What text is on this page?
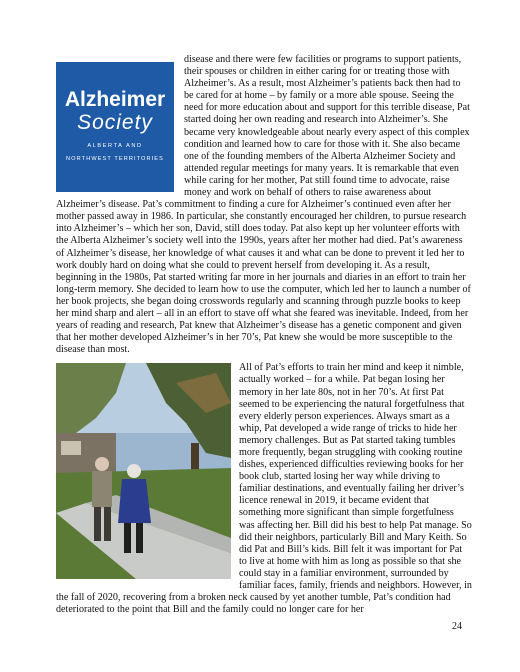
Alzheimer
Society
ALBERTA AND
NORTHWEST TERRITORIES

disease and there were few facilities or programs to support patients, their spouses or children in either caring for or treating those with Alzheimer’s. As a result, most Alzheimer’s patients back then had to be cared for at home – by family or a more able spouse. Seeing the need for more education about and support for this terrible disease, Pat started doing her own reading and research into Alzheimer’s. She became very knowledgeable about nearly every aspect of this complex condition and learned how to care for those with it. She also became one of the founding members of the Alberta Alzheimer Society and attended regular meetings for many years. It is remarkable that even while caring for her mother, Pat still found time to advocate, raise money and work on behalf of others to raise awareness about Alzheimer’s disease. Pat’s commitment to finding a cure for Alzheimer’s continued even after her mother passed away in 1986. In particular, she constantly encouraged her children, to pursue research into Alzheimer’s – which her son, David, still does today. Pat also kept up her volunteer efforts with the Alberta Alzheimer’s society well into the 1990s, years after her mother had died. Pat’s awareness of Alzheimer’s disease, her knowledge of what causes it and what can be done to prevent it led her to work doubly hard on doing what she could to prevent herself from developing it. As a result, beginning in the 1980s, Pat started writing far more in her journals and diaries in an effort to train her long-term memory. She decided to learn how to use the computer, which led her to launch a number of her book projects, she began doing crosswords regularly and scanning through puzzle books to keep her mind sharp and alert – all in an effort to stave off what she feared was inevitable. Indeed, from her years of reading and research, Pat knew that Alzheimer’s disease has a genetic component and given that her mother developed Alzheimer’s in her 70’s, Pat knew she would be more susceptible to the disease than most.

All of Pat’s efforts to train her mind and keep it nimble, actually worked – for a while. Pat began losing her memory in her late 80s, not in her 70’s. At first Pat seemed to be experiencing the natural forgetfulness that every elderly person experiences. Always smart as a whip, Pat developed a wide range of tricks to hide her memory challenges. But as Pat started taking tumbles more frequently, began struggling with cooking routine dishes, experienced difficulties reviewing books for her book club, started losing her way while driving to familiar destinations, and eventually failing her driver’s licence renewal in 2019, it became evident that something more significant than simple forgetfulness was affecting her. Bill did his best to help Pat manage. So did their neighbors, particularly Bill and Mary Keith. So did Pat and Bill’s kids. Bill felt it was important for Pat to live at home with him as long as possible so that she could stay in a familiar environment, surrounded by familiar faces, family, friends and neighbors. However, in the fall of 2020, recovering from a broken neck caused by yet another tumble, Pat’s condition had deteriorated to the point that Bill and the family could no longer care for her

24
